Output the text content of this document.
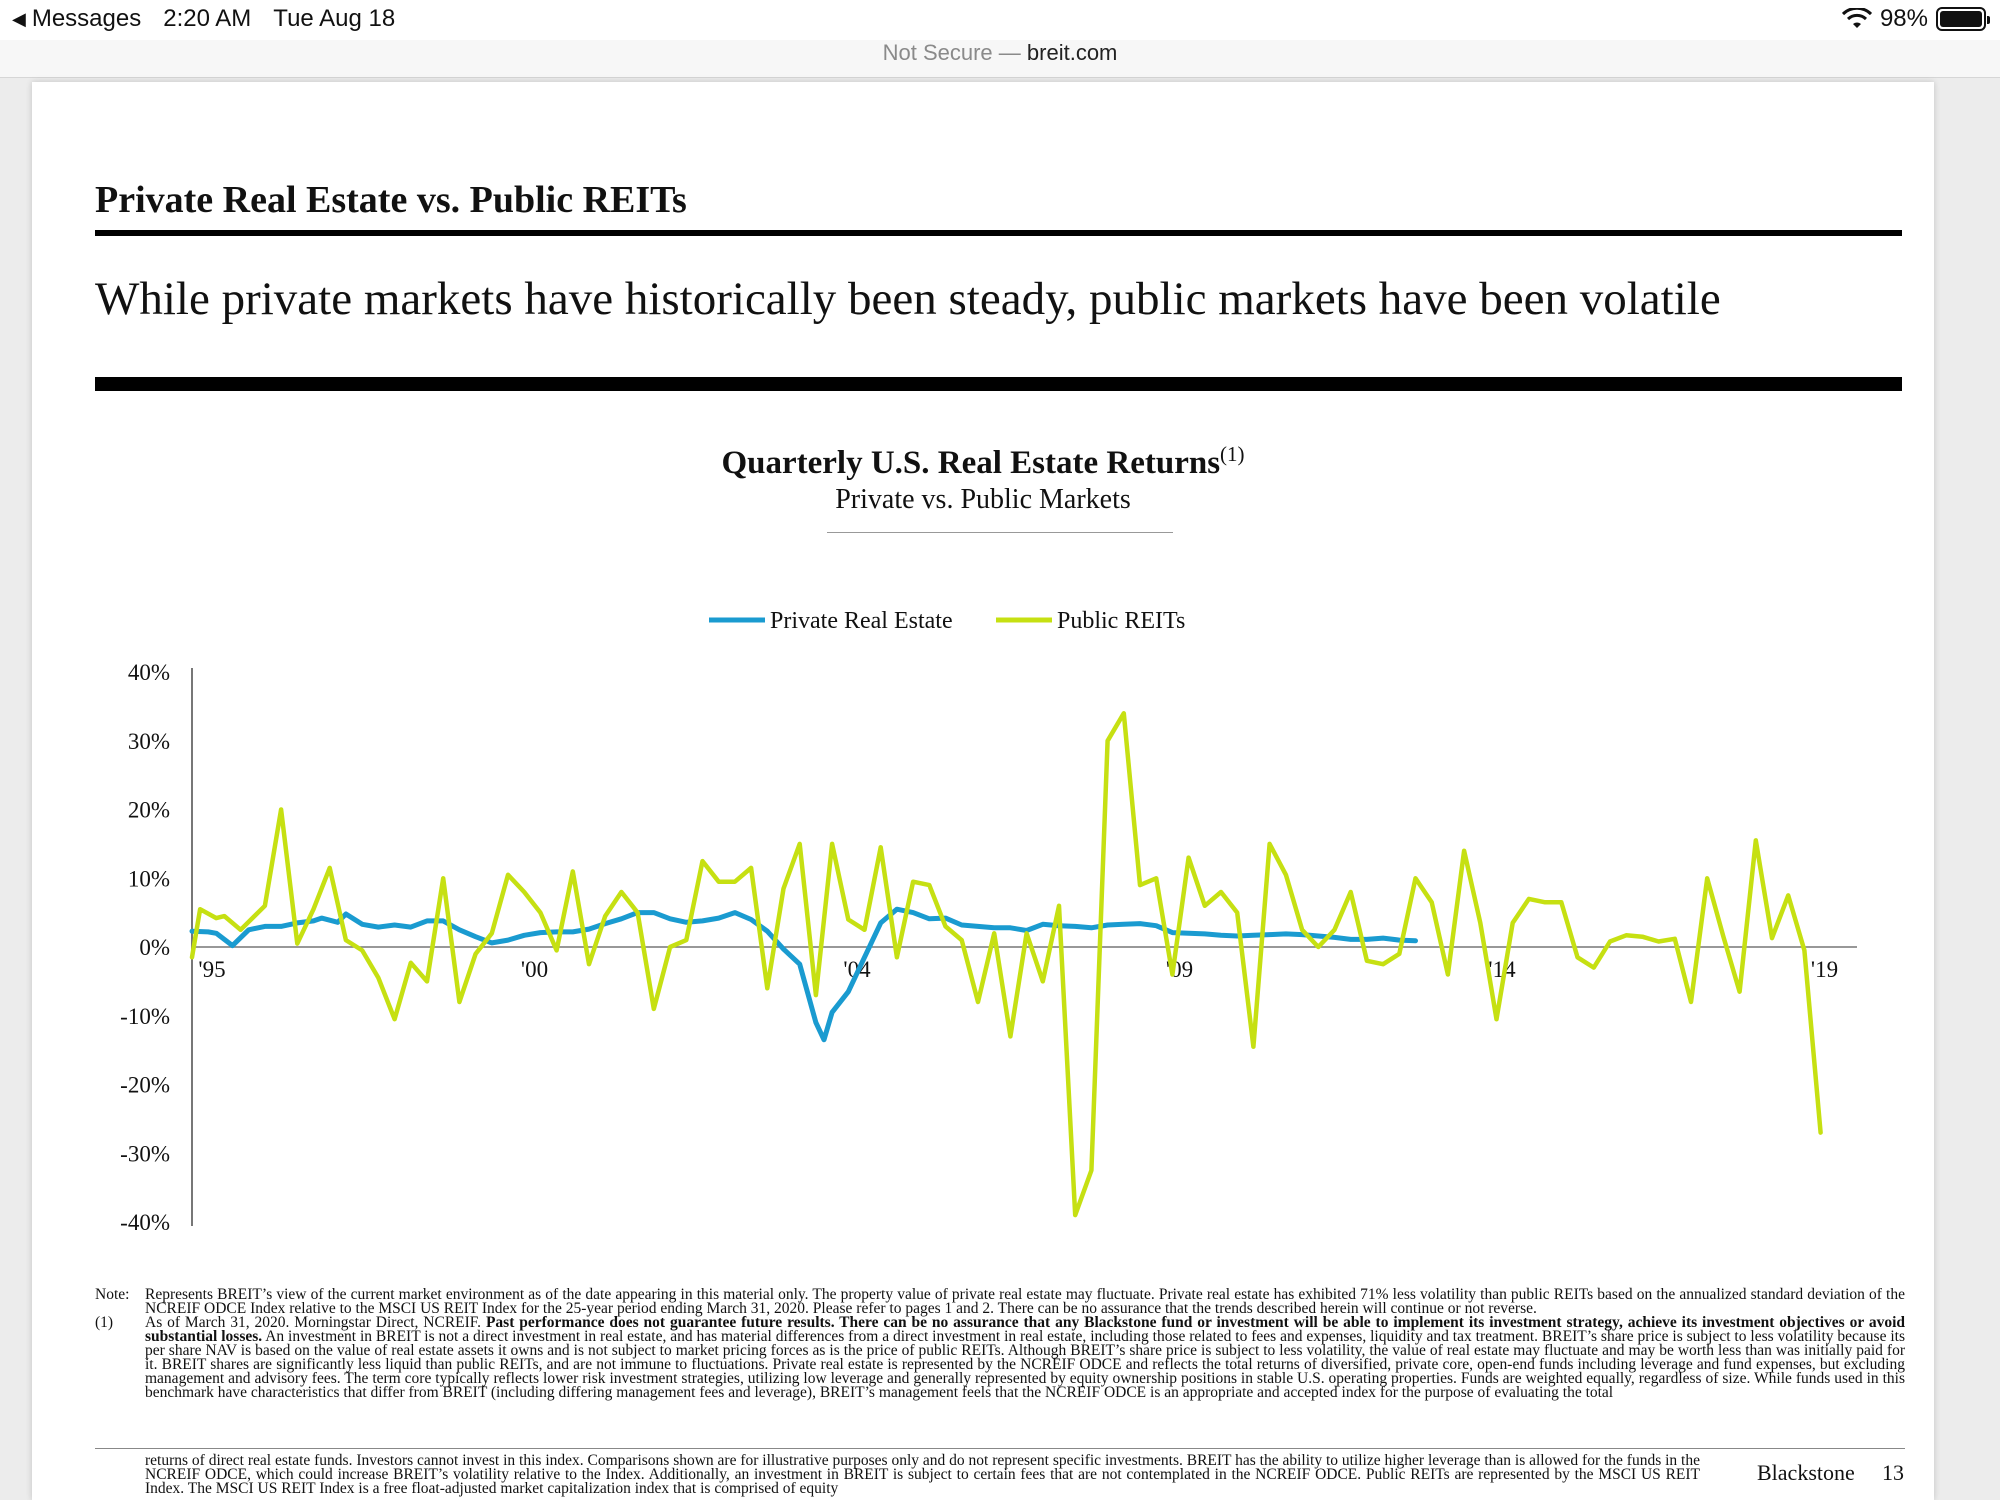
◀ Messages 2:20 AM Tue Aug 18	98%
Not Secure — breit.com
Private Real Estate vs. Public REITs
While private markets have historically been steady, public markets have been volatile
Quarterly U.S. Real Estate Returns$^{(1)}$
Private vs. Public Markets
Private Real Estate	Public REITs
40%
30%
20%
10%
0%
-10%
-20%
-30%
-40%
'95	'00	'04	'09	'14	'19
Note:	Represents BREIT’s view of the current market environment as of the date appearing in this material only. The property value of private real estate may fluctuate. Private real estate has exhibited 71% less volatility than public REITs based on the annualized standard deviation of the NCREIF ODCE Index relative to the MSCI US REIT Index for the 25-year period ending March 31, 2020. Please refer to pages 1 and 2. There can be no assurance that the trends described herein will continue or not reverse.
(1)	As of March 31, 2020. Morningstar Direct, NCREIF. Past performance does not guarantee future results. There can be no assurance that any Blackstone fund or investment will be able to implement its investment strategy, achieve its investment objectives or avoid substantial losses. An investment in BREIT is not a direct investment in real estate, and has material differences from a direct investment in real estate, including those related to fees and expenses, liquidity and tax treatment. BREIT’s share price is subject to less volatility because its per share NAV is based on the value of real estate assets it owns and is not subject to market pricing forces as is the price of public REITs. Although BREIT’s share price is subject to less volatility, the value of real estate may fluctuate and may be worth less than was initially paid for it. BREIT shares are significantly less liquid than public REITs, and are not immune to fluctuations. Private real estate is represented by the NCREIF ODCE and reflects the total returns of diversified, private core, open-end funds including leverage and fund expenses, but excluding management and advisory fees. The term core typically reflects lower risk investment strategies, utilizing low leverage and generally represented by equity ownership positions in stable U.S. operating properties. Funds are weighted equally, regardless of size. While funds used in this benchmark have characteristics that differ from BREIT (including differing management fees and leverage), BREIT’s management feels that the NCREIF ODCE is an appropriate and accepted index for the purpose of evaluating the total
returns of direct real estate funds. Investors cannot invest in this index. Comparisons shown are for illustrative purposes only and do not represent specific investments. BREIT has the ability to utilize higher leverage than is allowed for the funds in the NCREIF ODCE, which could increase BREIT’s volatility relative to the Index. Additionally, an investment in BREIT is subject to certain fees that are not contemplated in the NCREIF ODCE. Public REITs are represented by the MSCI US REIT Index. The MSCI US REIT Index is a free float-adjusted market capitalization index that is comprised of equity
Blackstone 13
